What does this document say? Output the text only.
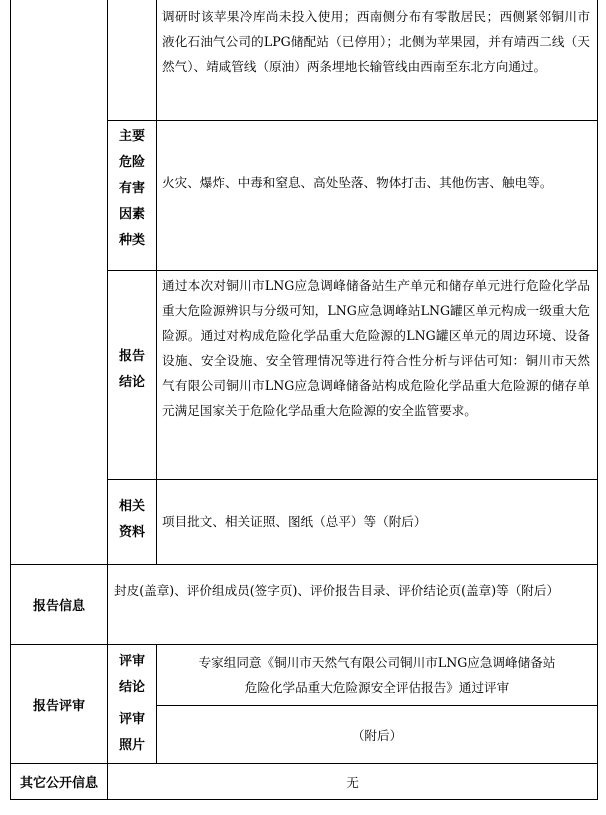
调研时该苹果冷库尚未投入使用；西南侧分布有零散居民；西侧紧邻铜川市液化石油气公司的LPG储配站（已停用）；北侧为苹果园，并有靖西二线（天然气）、靖咸管线（原油）两条埋地长输管线由西南至东北方向通过。
主要
危险
有害
因素
种类
火灾、爆炸、中毒和窒息、高处坠落、物体打击、其他伤害、触电等。
报告
结论
通过本次对铜川市LNG应急调峰储备站生产单元和储存单元进行危险化学品重大危险源辨识与分级可知，LNG应急调峰站LNG罐区单元构成一级重大危险源。通过对构成危险化学品重大危险源的LNG罐区单元的周边环境、设备设施、安全设施、安全管理情况等进行符合性分析与评估可知：铜川市天然气有限公司铜川市LNG应急调峰储备站构成危险化学品重大危险源的储存单元满足国家关于危险化学品重大危险源的安全监管要求。
相关
资料
项目批文、相关证照、图纸（总平）等（附后）
报告信息
封皮(盖章)、评价组成员(签字页)、评价报告目录、评价结论页(盖章)等（附后）
报告评审
评审
结论
专家组同意《铜川市天然气有限公司铜川市LNG应急调峰储备站
危险化学品重大危险源安全评估报告》通过评审
评审
照片
（附后）
其它公开信息	无
